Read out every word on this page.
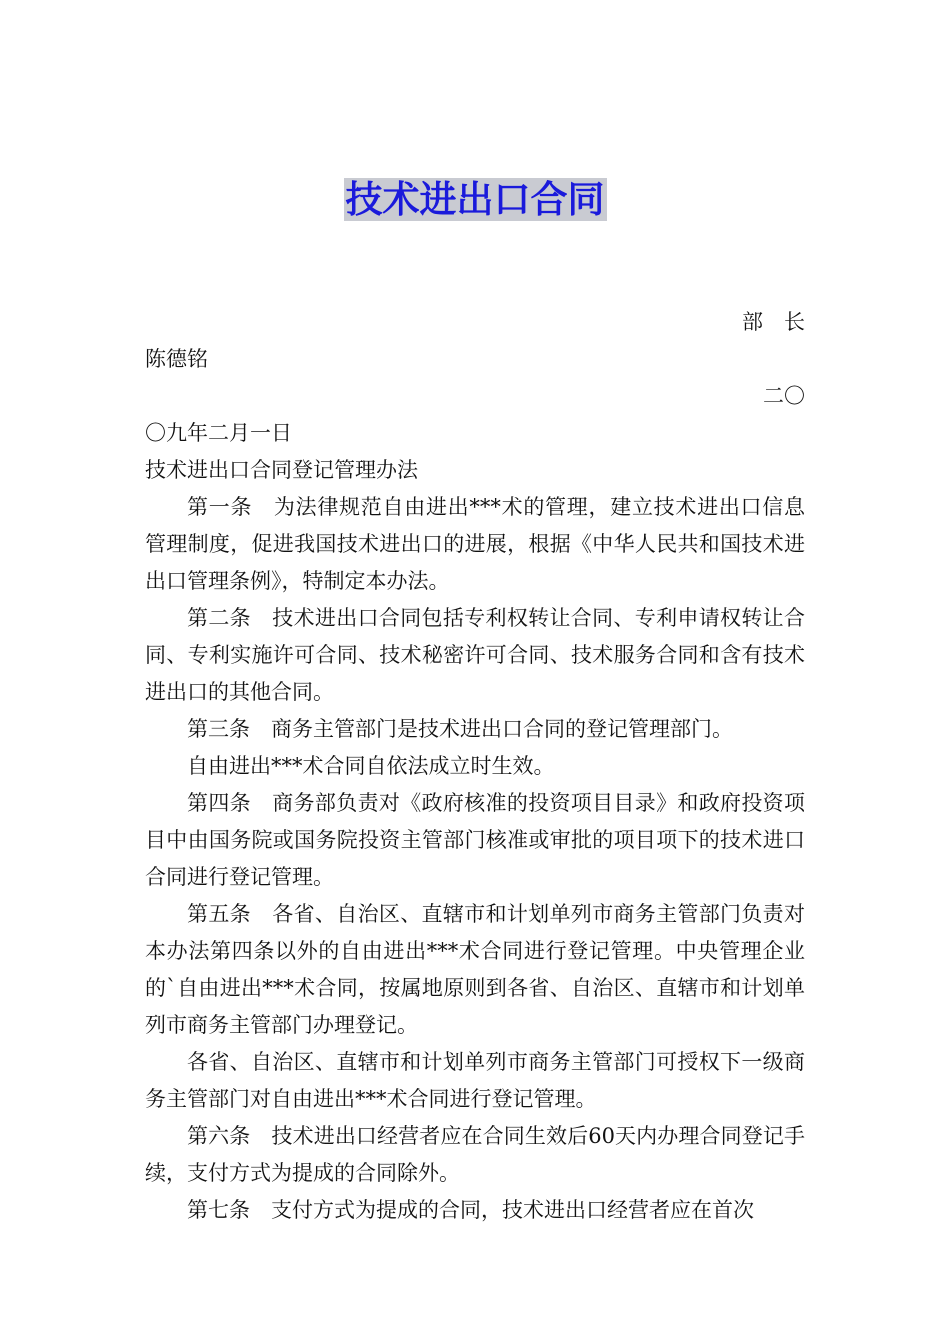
技术进出口合同
部　长
陈德铭
二〇
〇九年二月一日
技术进出口合同登记管理办法
第一条　为法律规范自由进出***术的管理，建立技术进出口信息管理制度，促进我国技术进出口的进展，根据《中华人民共和国技术进出口管理条例》，特制定本办法。
第二条　技术进出口合同包括专利权转让合同、专利申请权转让合同、专利实施许可合同、技术秘密许可合同、技术服务合同和含有技术进出口的其他合同。
第三条　商务主管部门是技术进出口合同的登记管理部门。
自由进出***术合同自依法成立时生效。
第四条　商务部负责对《政府核准的投资项目目录》和政府投资项目中由国务院或国务院投资主管部门核准或审批的项目项下的技术进口合同进行登记管理。
第五条　各省、自治区、直辖市和计划单列市商务主管部门负责对本办法第四条以外的自由进出***术合同进行登记管理。中央管理企业的`自由进出***术合同，按属地原则到各省、自治区、直辖市和计划单列市商务主管部门办理登记。
各省、自治区、直辖市和计划单列市商务主管部门可授权下一级商务主管部门对自由进出***术合同进行登记管理。
第六条　技术进出口经营者应在合同生效后60天内办理合同登记手续，支付方式为提成的合同除外。
第七条　支付方式为提成的合同，技术进出口经营者应在首次
